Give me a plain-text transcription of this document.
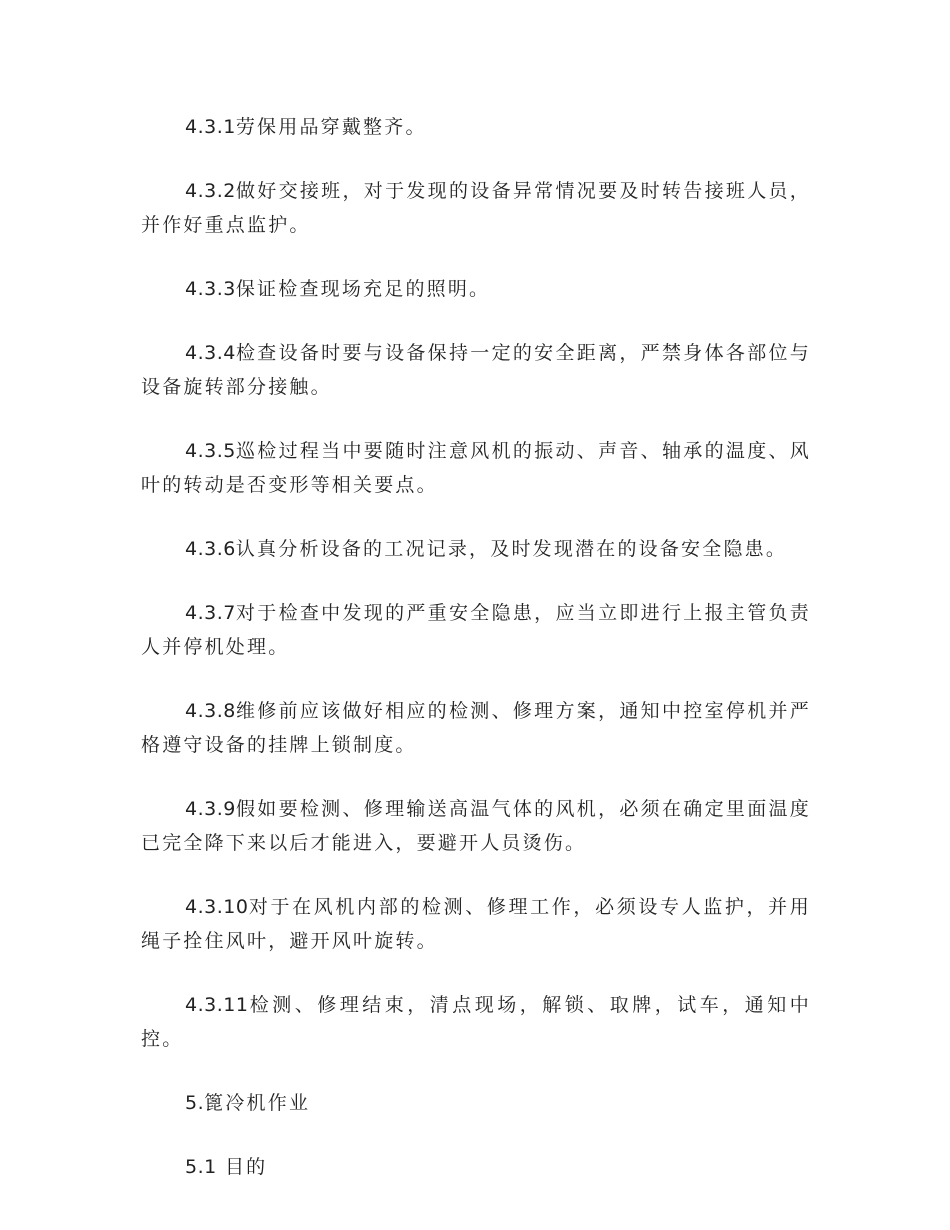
4.3.1劳保用品穿戴整齐。

4.3.2做好交接班，对于发现的设备异常情况要及时转告接班人员，并作好重点监护。

4.3.3保证检查现场充足的照明。

4.3.4检查设备时要与设备保持一定的安全距离，严禁身体各部位与设备旋转部分接触。

4.3.5巡检过程当中要随时注意风机的振动、声音、轴承的温度、风叶的转动是否变形等相关要点。

4.3.6认真分析设备的工况记录，及时发现潜在的设备安全隐患。

4.3.7对于检查中发现的严重安全隐患，应当立即进行上报主管负责人并停机处理。

4.3.8维修前应该做好相应的检测、修理方案，通知中控室停机并严格遵守设备的挂牌上锁制度。

4.3.9假如要检测、修理输送高温气体的风机，必须在确定里面温度已完全降下来以后才能进入，要避开人员烫伤。

4.3.10对于在风机内部的检测、修理工作，必须设专人监护，并用绳子拴住风叶，避开风叶旋转。

4.3.11检测、修理结束，清点现场，解锁、取牌，试车，通知中控。

5.篦冷机作业

5.1 目的
